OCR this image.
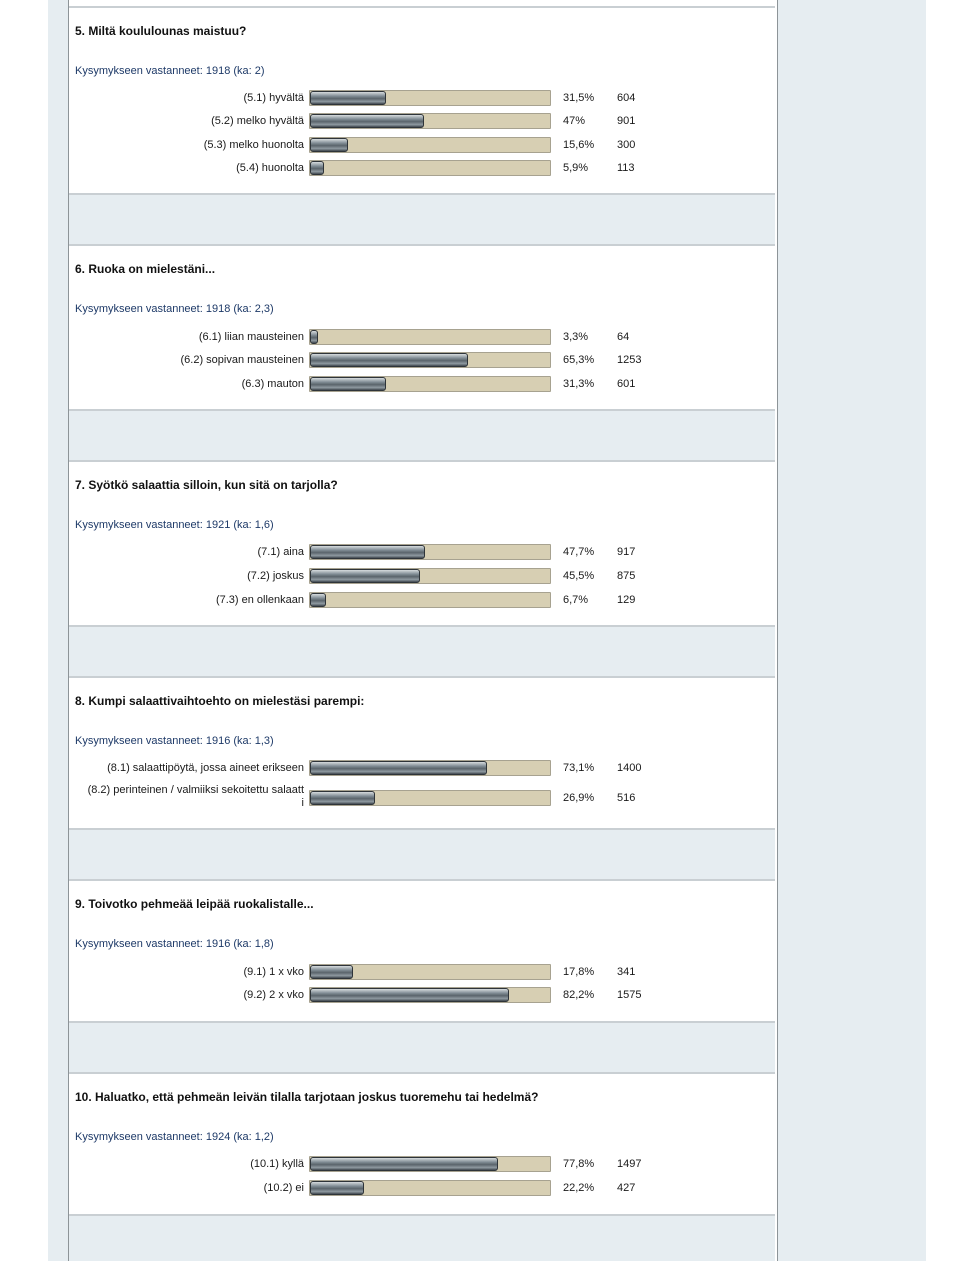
5. Miltä koululounas maistuu?
Kysymykseen vastanneet: 1918 (ka: 2)
(5.1) hyvältä	31,5% 604
(5.2) melko hyvältä	47%	901
(5.3) melko huonolta	15,6% 300
(5.4) huonolta	5,9%	113
6. Ruoka on mielestäni...
Kysymykseen vastanneet: 1918 (ka: 2,3)
(6.1) liian mausteinen	3,3%	64
(6.2) sopivan mausteinen	65,3% 1253
(6.3) mauton	31,3% 601
7. Syötkö salaattia silloin, kun sitä on tarjolla?
Kysymykseen vastanneet: 1921 (ka: 1,6)
(7.1) aina	47,7% 917
(7.2) joskus	45,5% 875
(7.3) en ollenkaan	6,7%	129
8. Kumpi salaattivaihtoehto on mielestäsi parempi:
Kysymykseen vastanneet: 1916 (ka: 1,3)
(8.1) salaattipöytä, jossa aineet erikseen	73,1% 1400
(8.2) perinteinen / valmiiksi sekoitettu salaatt
i	26,9% 516
9. Toivotko pehmeää leipää ruokalistalle...
Kysymykseen vastanneet: 1916 (ka: 1,8)
(9.1) 1 x vko	17,8% 341
(9.2) 2 x vko	82,2% 1575
10. Haluatko, että pehmeän leivän tilalla tarjotaan joskus tuoremehu tai hedelmä?
Kysymykseen vastanneet: 1924 (ka: 1,2)
(10.1) kyllä	77,8% 1497
(10.2) ei	22,2% 427
